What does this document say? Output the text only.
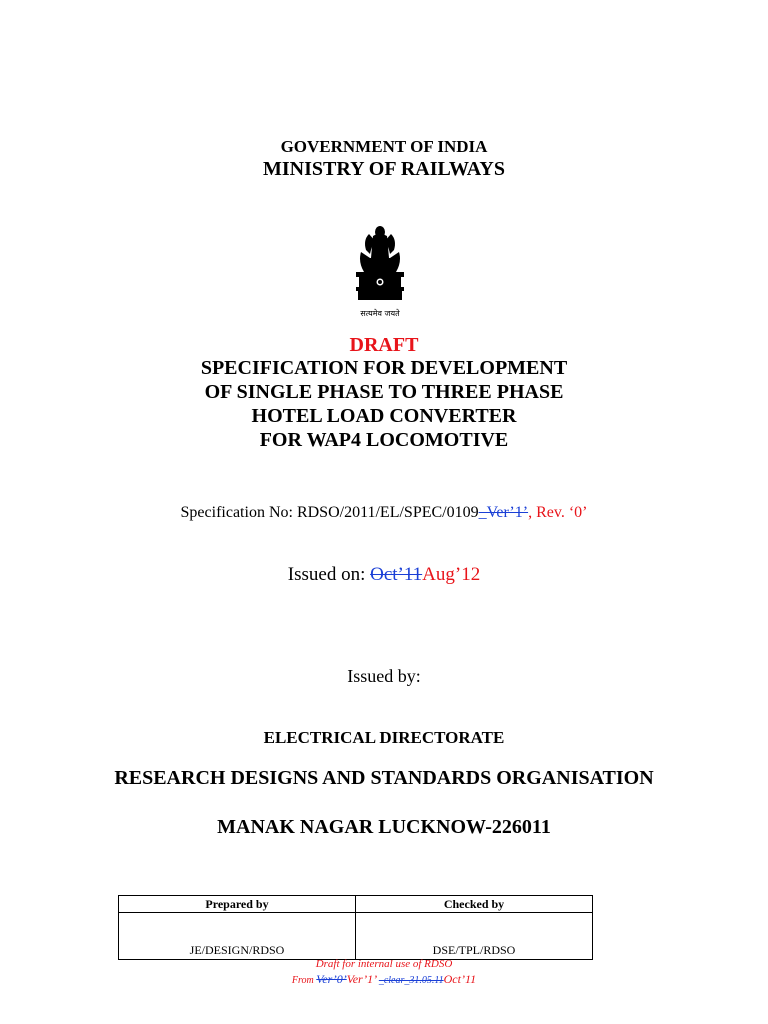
GOVERNMENT OF INDIA
MINISTRY OF RAILWAYS
सत्यमेव जयते
DRAFT
SPECIFICATION FOR DEVELOPMENT
OF SINGLE PHASE TO THREE PHASE
HOTEL LOAD CONVERTER
FOR WAP4 LOCOMOTIVE
Specification No: RDSO/2011/EL/SPEC/0109_Ver’1’, Rev. ‘0’
Issued on: Oct’11Aug’12
Issued by:
ELECTRICAL DIRECTORATE
RESEARCH DESIGNS AND STANDARDS ORGANISATION
MANAK NAGAR LUCKNOW-226011
Prepared by	Checked by
JE/DESIGN/RDSO	DSE/TPL/RDSO
Draft for internal use of RDSO
From Ver’0’Ver’1’ _clear_31.05.11Oct’11
